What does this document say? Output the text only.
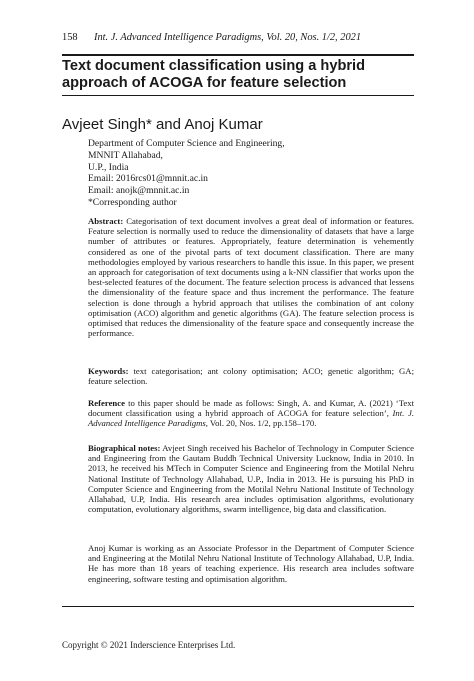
158 Int. J. Advanced Intelligence Paradigms, Vol. 20, Nos. 1/2, 2021
Text document classification using a hybrid approach of ACOGA for feature selection
Avjeet Singh* and Anoj Kumar
Department of Computer Science and Engineering,
MNNIT Allahabad,
U.P., India
Email: 2016rcs01@mnnit.ac.in
Email: anojk@mnnit.ac.in
*Corresponding author

Abstract: Categorisation of text document involves a great deal of information or features. Feature selection is normally used to reduce the dimensionality of datasets that have a large number of attributes or features. Appropriately, feature determination is vehemently considered as one of the pivotal parts of text document classification. There are many methodologies employed by various researchers to handle this issue. In this paper, we present an approach for categorisation of text documents using a k-NN classifier that works upon the best-selected features of the document. The feature selection process is advanced that lessens the dimensionality of the feature space and thus increment the performance. The feature selection is done through a hybrid approach that utilises the combination of ant colony optimisation (ACO) algorithm and genetic algorithms (GA). The feature selection process is optimised that reduces the dimensionality of the feature space and consequently increase the performance.

Keywords: text categorisation; ant colony optimisation; ACO; genetic algorithm; GA; feature selection.

Reference to this paper should be made as follows: Singh, A. and Kumar, A. (2021) ‘Text document classification using a hybrid approach of ACOGA for feature selection’, Int. J. Advanced Intelligence Paradigms, Vol. 20, Nos. 1/2, pp.158–170.

Biographical notes: Avjeet Singh received his Bachelor of Technology in Computer Science and Engineering from the Gautam Buddh Technical University Lucknow, India in 2010. In 2013, he received his MTech in Computer Science and Engineering from the Motilal Nehru National Institute of Technology Allahabad, U.P., India in 2013. He is pursuing his PhD in Computer Science and Engineering from the Motilal Nehru National Institute of Technology Allahabad, U.P, India. His research area includes optimisation algorithms, evolutionary computation, evolutionary algorithms, swarm intelligence, big data and classification.

Anoj Kumar is working as an Associate Professor in the Department of Computer Science and Engineering at the Motilal Nehru National Institute of Technology Allahabad, U.P, India. He has more than 18 years of teaching experience. His research area includes software engineering, software testing and optimisation algorithm.

Copyright © 2021 Inderscience Enterprises Ltd.
